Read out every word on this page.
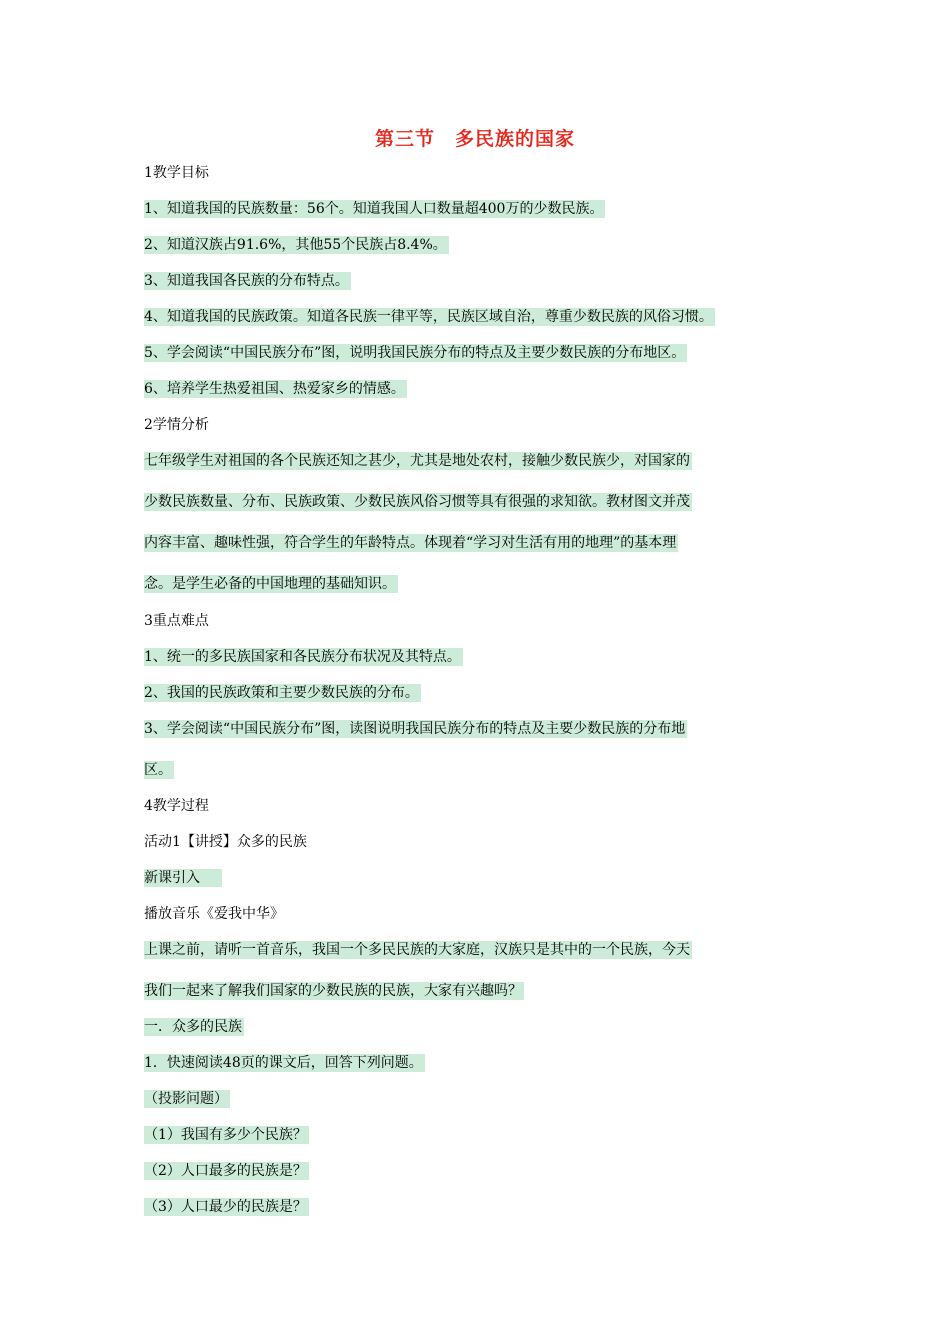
第三节　多民族的国家
1教学目标
1、知道我国的民族数量：56个。知道我国人口数量超400万的少数民族。
2、知道汉族占91.6%，其他55个民族占8.4%。
3、知道我国各民族的分布特点。
4、知道我国的民族政策。知道各民族一律平等，民族区域自治，尊重少数民族的风俗习惯。
5、学会阅读“中国民族分布”图，说明我国民族分布的特点及主要少数民族的分布地区。
6、培养学生热爱祖国、热爱家乡的情感。
2学情分析
七年级学生对祖国的各个民族还知之甚少，尤其是地处农村，接触少数民族少，对国家的
少数民族数量、分布、民族政策、少数民族风俗习惯等具有很强的求知欲。教材图文并茂
内容丰富、趣味性强，符合学生的年龄特点。体现着“学习对生活有用的地理”的基本理
念。是学生必备的中国地理的基础知识。
3重点难点
1、统一的多民族国家和各民族分布状况及其特点。
2、我国的民族政策和主要少数民族的分布。
3、学会阅读“中国民族分布”图，读图说明我国民族分布的特点及主要少数民族的分布地
区。
4教学过程
活动1【讲授】众多的民族
新课引入
播放音乐《爱我中华》
上课之前，请听一首音乐，我国一个多民民族的大家庭，汉族只是其中的一个民族，今天
我们一起来了解我们国家的少数民族的民族，大家有兴趣吗？
一．众多的民族
1．快速阅读48页的课文后，回答下列问题。
（投影问题）
（1）我国有多少个民族？
（2）人口最多的民族是？
（3）人口最少的民族是？
